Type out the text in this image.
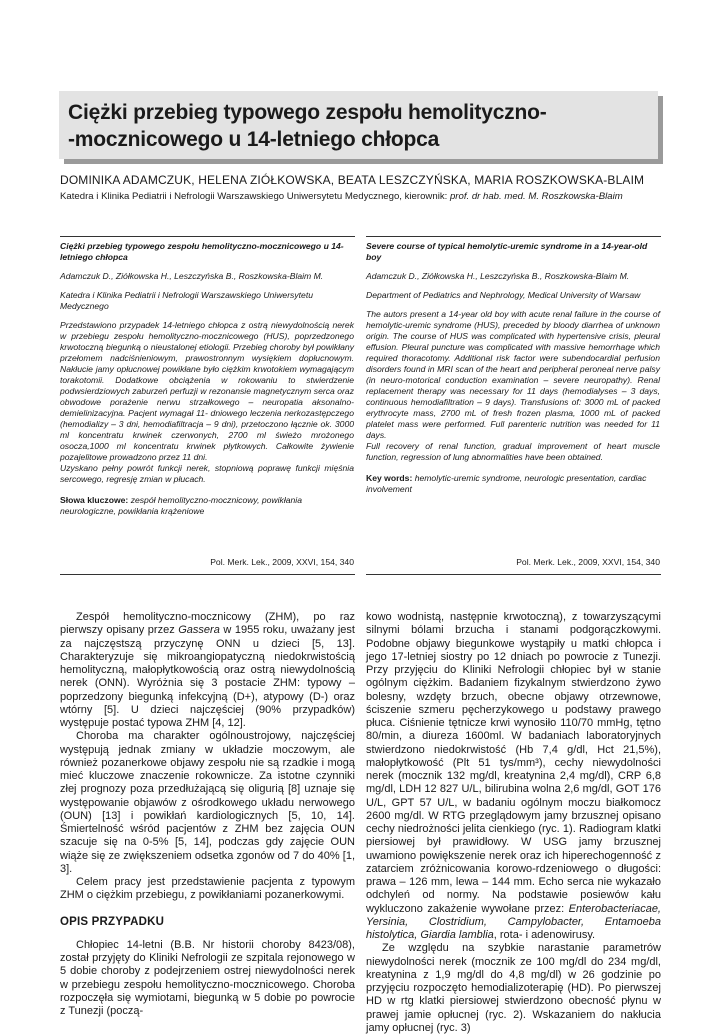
Ciężki przebieg typowego zespołu hemolityczno-
-mocznicowego u 14-letniego chłopca
DOMINIKA ADAMCZUK, HELENA ZIÓŁKOWSKA, BEATA LESZCZYŃSKA, MARIA ROSZKOWSKA-BLAIM
Katedra i Klinika Pediatrii i Nefrologii Warszawskiego Uniwersytetu Medycznego, kierownik: prof. dr hab. med. M. Roszkowska-Blaim

Ciężki przebieg typowego zespołu hemolityczno-mocznicowego u 14-letniego chłopca

Adamczuk D., Ziółkowska H., Leszczyńska B., Roszkowska-Blaim M.

Katedra i Klinika Pediatrii i Nefrologii Warszawskiego Uniwersytetu Medycznego

Przedstawiono przypadek 14-letniego chłopca z ostrą niewydolnością nerek w przebiegu zespołu hemolityczno-mocznicowego (HUS), poprzedzonego krwotoczną biegunką o nieustalonej etiologii. Przebieg choroby był powikłany przełomem nadciśnieniowym, prawostronnym wysiękiem dopłucnowym. Nakłucie jamy opłucnowej powikłane było ciężkim krwotokiem wymagającym torakotomii. Dodatkowe obciążenia w rokowaniu to stwierdzenie podwsierdziowych zaburzeń perfuzji w rezonansie magnetycznym serca oraz obwodowe porażenie nerwu strzałkowego – neuropatia aksonalno-demielinizacyjna. Pacjent wymagał 11- dniowego leczenia nerkozastępczego (hemodializy – 3 dni, hemodiafiltracja – 9 dni), przetoczono łącznie ok. 3000 ml koncentratu krwinek czerwonych, 2700 ml świeżo mrożonego osocza,1000 ml koncentratu krwinek płytkowych. Całkowite żywienie pozajelitowe prowadzono przez 11 dni.

Uzyskano pełny powrót funkcji nerek, stopniową poprawę funkcji mięśnia sercowego, regresję zmian w płucach.

Słowa kluczowe: zespół hemolityczno-mocznicowy, powikłania neurologiczne, powikłania krążeniowe

Severe course of typical hemolytic-uremic syndrome in a 14-year-old boy

Adamczuk D., Ziółkowska H., Leszczyńska B., Roszkowska-Blaim M.

Department of Pediatrics and Nephrology, Medical University of Warsaw

The autors present a 14-year old boy with acute renal failure in the course of hemolytic-uremic syndrome (HUS), preceded by bloody diarrhea of unknown origin. The course of HUS was complicated with hypertensive crisis, pleural effusion. Pleural puncture was complicated with massive hemorrhage which required thoracotomy. Additional risk factor were subendocardial perfusion disorders found in MRI scan of the heart and peripheral peroneal nerve palsy (in neuro-motorical conduction examination – severe neuropathy). Renal replacement therapy was necessary for 11 days (hemodialyses – 3 days, continuous hemodiafiltration – 9 days). Transfusions of: 3000 mL of packed erythrocyte mass, 2700 mL of fresh frozen plasma, 1000 mL of packed platelet mass were performed. Full parenteric nutrition was needed for 11 days.

Full recovery of renal function, gradual improvement of heart muscle function, regression of lung abnormalities have been obtained.

Key words: hemolytic-uremic syndrome, neurologic presentation, cardiac involvement

Pol. Merk. Lek., 2009, XXVI, 154, 340	Pol. Merk. Lek., 2009, XXVI, 154, 340

Zespół hemolityczno-mocznicowy (ZHM), po raz pierwszy opisany przez Gassera w 1955 roku, uważany jest za najczęstszą przyczynę ONN u dzieci [5, 13]. Charakteryzuje się mikroangiopatyczną niedokrwistością hemolityczną, małopłytkowością oraz ostrą niewydolnością nerek (ONN). Wyróżnia się 3 postacie ZHM: typowy – poprzedzony biegunką infekcyjną (D+), atypowy (D-) oraz wtórny [5]. U dzieci najczęściej (90% przypadków) występuje postać typowa ZHM [4, 12].

Choroba ma charakter ogólnoustrojowy, najczęściej występują jednak zmiany w układzie moczowym, ale również pozanerkowe objawy zespołu nie są rzadkie i mogą mieć kluczowe znaczenie rokownicze. Za istotne czynniki złej prognozy poza przedłużającą się oligurią [8] uznaje się występowanie objawów z ośrodkowego układu nerwowego (OUN) [13] i powikłań kardiologicznych [5, 10, 14]. Śmiertelność wśród pacjentów z ZHM bez zajęcia OUN szacuje się na 0-5% [5, 14], podczas gdy zajęcie OUN wiąże się ze zwiększeniem odsetka zgonów od 7 do 40% [1, 3].

Celem pracy jest przedstawienie pacjenta z typowym ZHM o ciężkim przebiegu, z powikłaniami pozanerkowymi.

OPIS PRZYPADKU

Chłopiec 14-letni (B.B. Nr historii choroby 8423/08), został przyjęty do Kliniki Nefrologii ze szpitala rejonowego w 5 dobie choroby z podejrzeniem ostrej niewydolności nerek w przebiegu zespołu hemolityczno-mocznicowego. Choroba rozpoczęła się wymiotami, biegunką w 5 dobie po powrocie z Tunezji (począ-

kowo wodnistą, następnie krwotoczną), z towarzyszącymi silnymi bólami brzucha i stanami podgorączkowymi. Podobne objawy biegunkowe wystąpiły u matki chłopca i jego 17-letniej siostry po 12 dniach po powrocie z Tunezji. Przy przyjęciu do Kliniki Nefrologii chłopiec był w stanie ogólnym ciężkim. Badaniem fizykalnym stwierdzono żywo bolesny, wzdęty brzuch, obecne objawy otrzewnowe, ściszenie szmeru pęcherzykowego u podstawy prawego płuca. Ciśnienie tętnicze krwi wynosiło 110/70 mmHg, tętno 80/min, a diureza 1600ml. W badaniach laboratoryjnych stwierdzono niedokrwistość (Hb 7,4 g/dl, Hct 21,5%), małopłytkowość (Plt 51 tys/mm³), cechy niewydolności nerek (mocznik 132 mg/dl, kreatynina 2,4 mg/dl), CRP 6,8 mg/dl, LDH 12 827 U/L, bilirubina wolna 2,6 mg/dl, GOT 176 U/L, GPT 57 U/L, w badaniu ogólnym moczu białkomocz 2600 mg/dl. W RTG przeglądowym jamy brzusznej opisano cechy niedrożności jelita cienkiego (ryc. 1). Radiogram klatki piersiowej był prawidłowy. W USG jamy brzusznej uwamiono powiększenie nerek oraz ich hiperechogenność z zatarciem zróżnicowania korowo-rdzeniowego o długości: prawa – 126 mm, lewa – 144 mm. Echo serca nie wykazało odchyleń od normy. Na podstawie posiewów kału wykluczono zakażenie wywołane przez: Enterobacteriacae, Yersinia, Clostridium, Campylobacter, Entamoeba histolytica, Giardia lamblia, rota- i adenowirusy.

Ze względu na szybkie narastanie parametrów niewydolności nerek (mocznik ze 100 mg/dl do 234 mg/dl, kreatynina z 1,9 mg/dl do 4,8 mg/dl) w 26 godzinie po przyjęciu rozpoczęto hemodializoterapię (HD). Po pierwszej HD w rtg klatki piersiowej stwierdzono obecność płynu w prawej jamie opłucnej (ryc. 2). Wskazaniem do nakłucia jamy opłucnej (ryc. 3)
